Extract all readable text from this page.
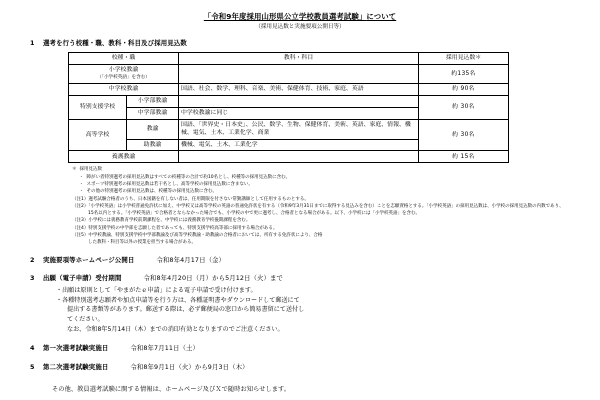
「令和9年度採用山形県公立学校教員選考試験」について
（採用見込数と実施要項公開日等）
1	選考を行う校種・職、教科・科目及び採用見込数
校種・職		教科・科目	採用見込数＊
小学校教諭
（「小学校英語」を含む）			約135名
中学校教諭		国語、社会、数学、理科、音楽、美術、保健体育、技術、家庭、英語	約 90名
特別支援学校	小学部教諭		約 30名
	中学部教諭	中学校教諭に同じ	
高等学校	教諭	国語、「世界史・日本史」、公民、数学、生物、保健体育、美術、英語、家庭、情報、機械、電気、土木、工業化学、商業	約 30名
	助教諭	機械、電気、土木、工業化学	
養護教諭			約 15名
＊ 採用見込数
・ 障がい者特別選考の採用見込数はすべての校種等の合計で約10名とし、校種等の採用見込数に含む。
・ スポーツ特別選考の採用見込数は若干名とし、高等学校の採用見込数に含まない。
・ その他の特別選考の採用見込数は、校種等の採用見込数に含む。
（注1）選考試験合格者のうち、日本国籍を有しない者は、任用期限を付さない常勤講師として任用するものとする。
（注2）「小学校英語」は小学校普通免許状に加え、中学校又は高等学校の英語の普通免許状を有する（令和9年3月31日までに取得する見込みを含む）ことを志願資格とする。「小学校英語」の採用見込数は、小学校の採用見込数の内数であり、
15名以内とする。「小学校英語」で合格者とならなかった場合でも、小学校の中で更に選考し、合格者となる場合がある。以下、小学校には「小学校英語」を含む。
（注3）小学校には義務教育学校前期課程を、中学校には義務教育学校後期課程を含む。
（注4）特別支援学校の中学部を志願した者であっても、特別支援学校高等部に採用する場合がある。
（注5）中学校教諭、特別支援学校中学部教諭及び高等学校教諭・助教諭の合格者においては、所有する免許状により、合格
した教科・科目等以外の授業を担当する場合がある。
2	実施要項等ホームページ公開日	令和8年4月17日（金）
3	出願（電子申請）受付期間	令和8年4月20日（月）から5月12日（火）まで
・出願は原則として「やまがたｅ申請」による電子申請で受け付けます。
・各種特別選考志願者や加点申請等を行う方は、各種証明書やダウンロードして郵送にて
提出する書類等があります。郵送する際は、必ず郵便局の窓口から簡易書留にて送付し
てください。
なお、令和8年5月14日（木）までの消印有効となりますのでご注意ください。
4	第一次選考試験実施日	令和8年7月11日（土）
5	第二次選考試験実施日	令和8年9月1日（火）から9月3日（木）
その他、教員選考試験に関する情報は、ホームページ及びＸで随時お知らせします。
